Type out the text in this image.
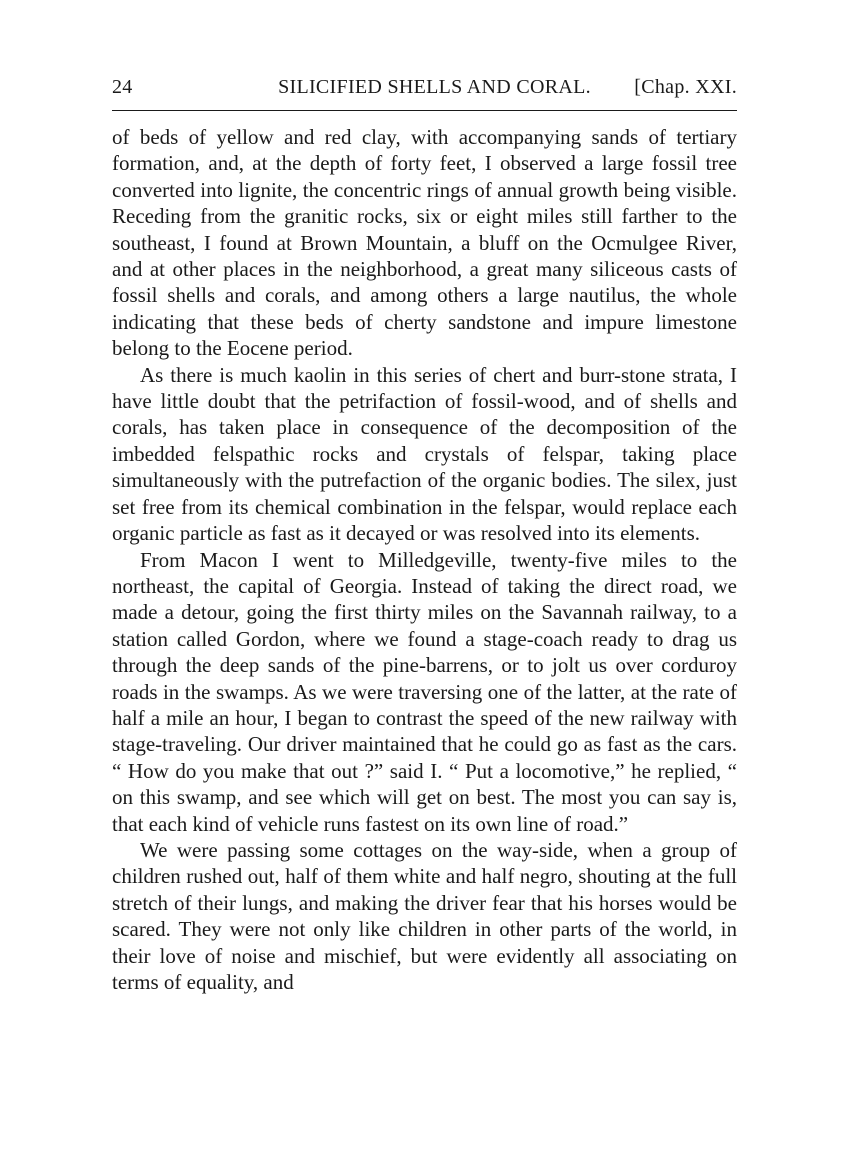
24	SILICIFIED SHELLS AND CORAL.	[Chap. XXI.

of beds of yellow and red clay, with accompanying sands of tertiary formation, and, at the depth of forty feet, I observed a large fossil tree converted into lignite, the concentric rings of annual growth being visible. Receding from the granitic rocks, six or eight miles still farther to the southeast, I found at Brown Mountain, a bluff on the Ocmulgee River, and at other places in the neighborhood, a great many siliceous casts of fossil shells and corals, and among others a large nautilus, the whole indicating that these beds of cherty sandstone and impure limestone belong to the Eocene period.

As there is much kaolin in this series of chert and burr-stone strata, I have little doubt that the petrifaction of fossil-wood, and of shells and corals, has taken place in consequence of the decomposition of the imbedded felspathic rocks and crystals of felspar, taking place simultaneously with the putrefaction of the organic bodies. The silex, just set free from its chemical combination in the felspar, would replace each organic particle as fast as it decayed or was resolved into its elements.

From Macon I went to Milledgeville, twenty-five miles to the northeast, the capital of Georgia. Instead of taking the direct road, we made a detour, going the first thirty miles on the Savannah railway, to a station called Gordon, where we found a stage-coach ready to drag us through the deep sands of the pine-barrens, or to jolt us over corduroy roads in the swamps. As we were traversing one of the latter, at the rate of half a mile an hour, I began to contrast the speed of the new railway with stage-traveling. Our driver maintained that he could go as fast as the cars. “ How do you make that out ?” said I. “ Put a locomotive,” he replied, “ on this swamp, and see which will get on best. The most you can say is, that each kind of vehicle runs fastest on its own line of road.”

We were passing some cottages on the way-side, when a group of children rushed out, half of them white and half negro, shouting at the full stretch of their lungs, and making the driver fear that his horses would be scared. They were not only like children in other parts of the world, in their love of noise and mischief, but were evidently all associating on terms of equality, and
